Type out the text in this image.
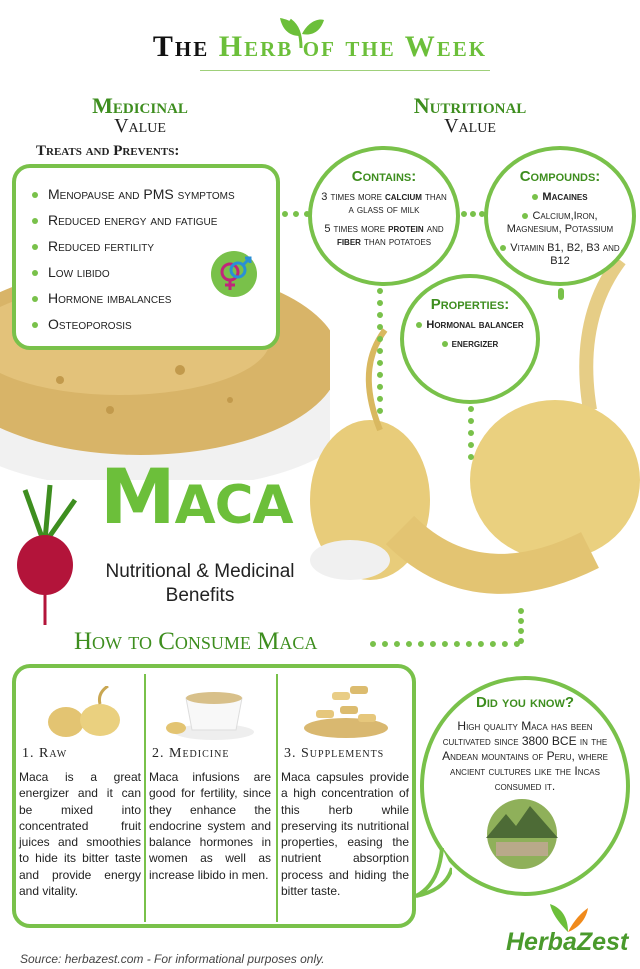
The Herb of the Week
Medicinal
Value
Treats and Prevents:
Menopause and PMS symptoms
Reduced energy and fatigue
Reduced fertility
Low libido
Hormone imbalances
Osteoporosis
Nutritional
Value
Contains:
3 times more calcium than a glass of milk
5 times more protein and fiber than potatoes
Compounds:
Macaines
Calcium,Iron, Magnesium, Potassium
Vitamin B1, B2, B3 and B12
Properties:
Hormonal balancer
energizer
Maca
Nutritional & Medicinal Benefits
How to Consume Maca
1. Raw

Maca is a great energizer and it can be mixed into concentrated fruit juices and smoothies to hide its bitter taste and provide energy and vitality.

2. Medicine

Maca infusions are good for fertility, since they enhance the endocrine system and balance hormones in women as well as increase libido in men.

3. Supplements

Maca capsules provide a high concentration of this herb while preserving its nutritional properties, easing the nutrient absorption process and hiding the bitter taste.

Did you know?
High quality Maca has been cultivated since 3800 BCE in the Andean mountains of Peru, where ancient cultures like the Incas consumed it.
Source: herbazest.com - For informational purposes only.
HerbaZest
